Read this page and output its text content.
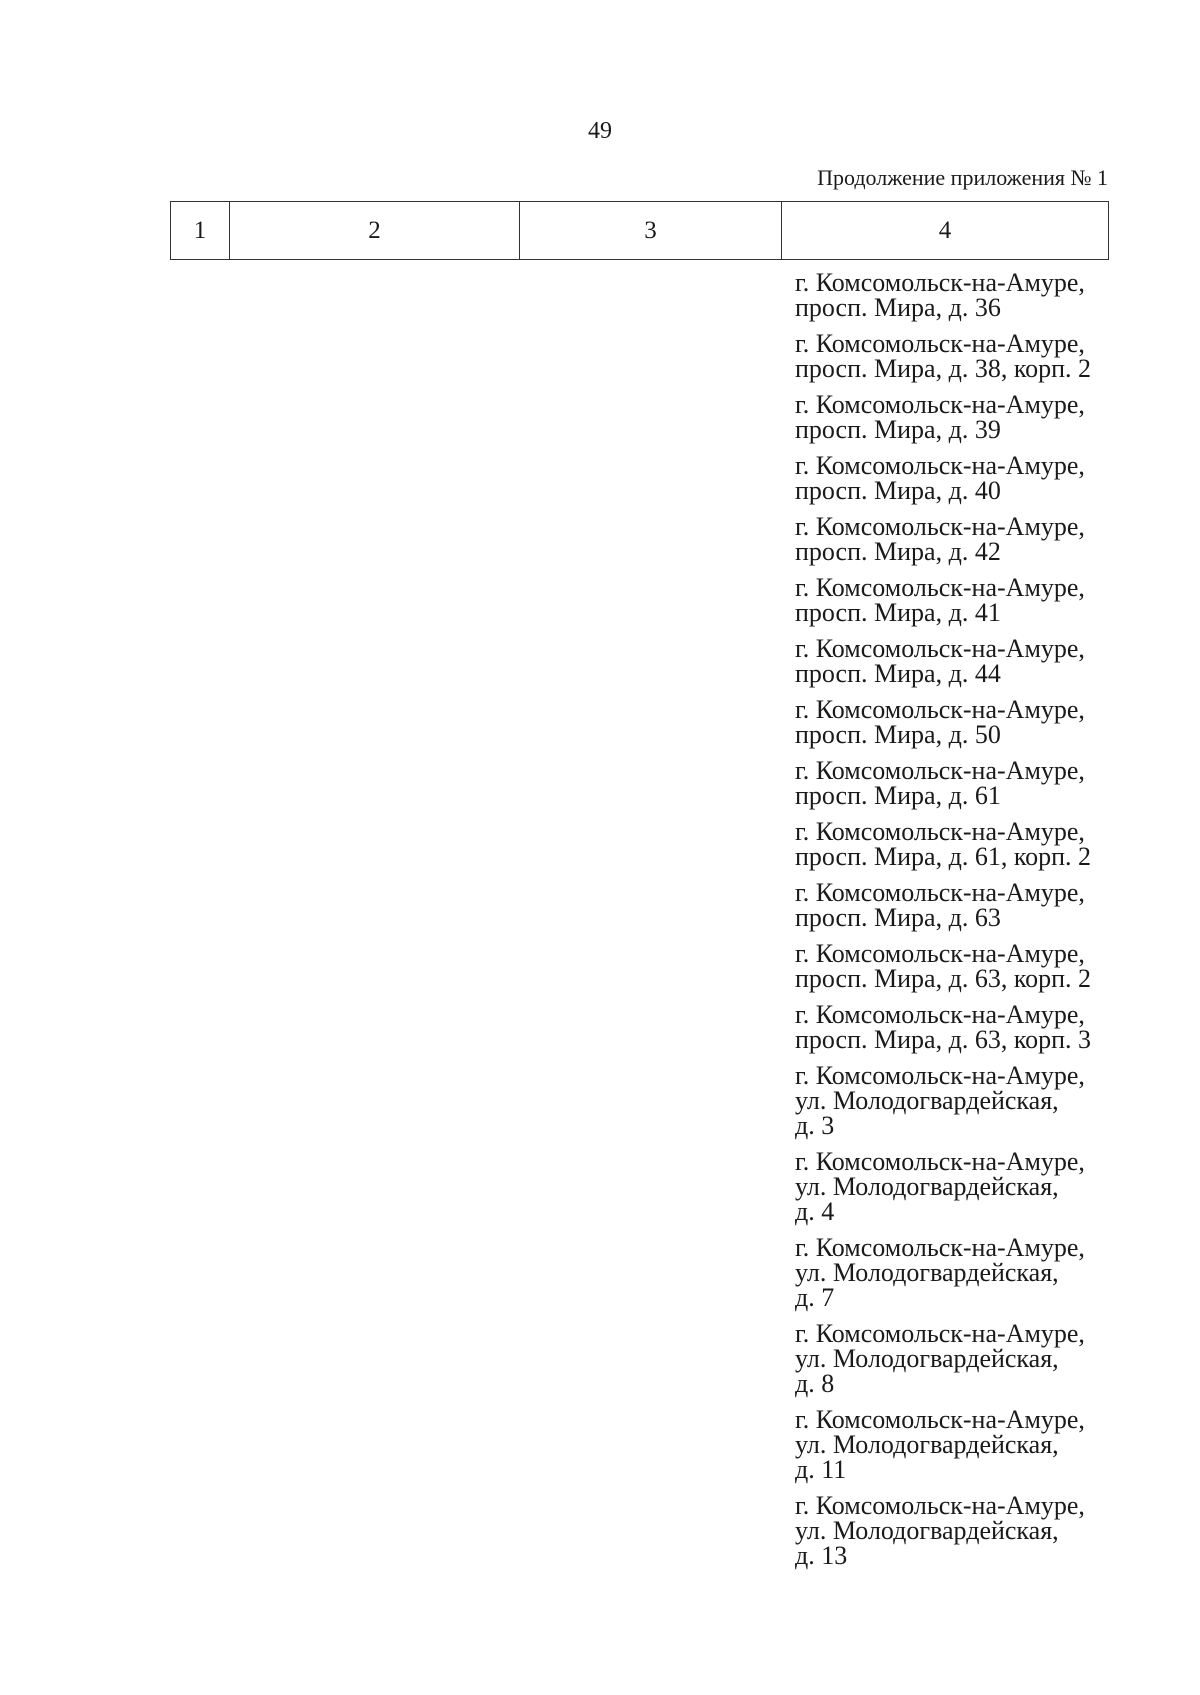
49
Продолжение приложения № 1
1	2	3	4
г. Комсомольск-на-Амуре,
просп. Мира, д. 36
г. Комсомольск-на-Амуре,
просп. Мира, д. 38, корп. 2
г. Комсомольск-на-Амуре,
просп. Мира, д. 39
г. Комсомольск-на-Амуре,
просп. Мира, д. 40
г. Комсомольск-на-Амуре,
просп. Мира, д. 42
г. Комсомольск-на-Амуре,
просп. Мира, д. 41
г. Комсомольск-на-Амуре,
просп. Мира, д. 44
г. Комсомольск-на-Амуре,
просп. Мира, д. 50
г. Комсомольск-на-Амуре,
просп. Мира, д. 61
г. Комсомольск-на-Амуре,
просп. Мира, д. 61, корп. 2
г. Комсомольск-на-Амуре,
просп. Мира, д. 63
г. Комсомольск-на-Амуре,
просп. Мира, д. 63, корп. 2
г. Комсомольск-на-Амуре,
просп. Мира, д. 63, корп. 3
г. Комсомольск-на-Амуре,
ул. Молодогвардейская,
д. 3
г. Комсомольск-на-Амуре,
ул. Молодогвардейская,
д. 4
г. Комсомольск-на-Амуре,
ул. Молодогвардейская,
д. 7
г. Комсомольск-на-Амуре,
ул. Молодогвардейская,
д. 8
г. Комсомольск-на-Амуре,
ул. Молодогвардейская,
д. 11
г. Комсомольск-на-Амуре,
ул. Молодогвардейская,
д. 13
